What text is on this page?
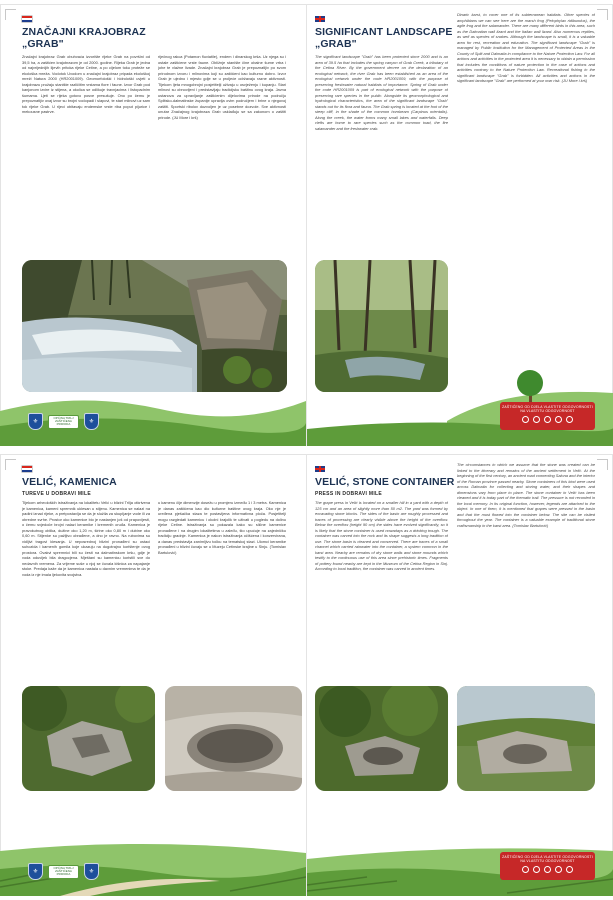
ZNAČAJNI KRAJOBRAZ
„GRAB"
Značajni krajobraz Grab obuhvaća izvorište rijeke Grab na površini od 39,5 ha, a zaštićen krajobrazom je od 2000. godine. Rijeka Grab je jedna od najvrijednijih lijevih pritoka rijeke Cetine, a po cijelom toku proteže se ekološka mreža. Vodotok Uvodom u značajni krajobraz pripada ekološkoj mreži Natura 2000 (HR2001009). Geomorfološki i hidrološki uvjeti u krajobrazu pružaju stanište različitim vrstama flore i faune. Izvor Grab pod kanjonom izvire iz stijena, a okolica se odlikuje travnjacima i listopadnim šumama. Ljeti se rijeka gotovo posve presušuje. Ono po čemu je prepoznatljiv ovaj izvor su brojni vodopadi i slapovi, te stari mlinovi uz sam tok rijeke Grab. U rijeci obitavaju endemske vrste riba poput pijurice i mekousne pastrve.
riječnog rakca (Potamon fluviatile), endem i dinarskog krša. Uz njega su i ostale zaštićene vrste faune. Obližnje stanište čine obalne šume vrba i johe te vlažne livade. Značajni krajobraz Grab je prepoznatljiv po svom prirodnom izvoru i mlinovima koji su zaštićeni kao kulturno dobro. Izvor Grab je ujedno i mjesto gdje se u proljeće održavaju razne aktivnosti. Tijekom ljeta mnogobrojni posjetitelji uživaju u osvježenju i kupanju. Stari mlinovi su obnovljeni i predstavljaju tradicijsku baštinu ovog kraja. Javna ustanova za upravljanje zaštićenim dijelovima prirode na području Splitsko-dalmatinske županije upravlja ovim područjem i brine o njegovoj zaštiti. Sportski ribolov dozvoljen je uz posebne dozvole. Sve aktivnosti unutar Značajnog krajobraza Grab usklađuju se sa zakonom o zaštiti prirode. (JU More i krš)
⚜
OPĆINA TRILJ ZAŠTIĆENA PRIRODA	⚜
SIGNIFICANT LANDSCAPE
„GRAB"
The significant landscape "Grab" has been protected since 2000 and is an area of 39.5 ha that includes the spring canyon of Grab Creek, a tributary of the Cetina River. By the government decree on the declaration of an ecological network, the river Grab has been established as an area of the ecological network under the code HR2001009, with the purpose of preserving freshwater natural habitats of importance. Spring of Grab under the code HR2001009 is part of ecological network with the purpose of preserving rare species in the public. Alongside its geomorphological and hydrological characteristics, the area of the significant landscape "Grab" stands out for its flora and fauna. The Grab spring is located at the foot of the steep cliff, in the shade of the common hornbeam (Carpinus orientalis). Along the creek, the water forms many small lakes and waterfalls. Deep clefts are home to rare species such as the common toad, the fire salamander and the freshwater crab.
Dinaric karst, to cover one of its subterranean habitats. Other species of amphibians we can see here are the marsh frog (Pelophylax ridibundus), the agile frog and the salamander. There are many different birds in this area, such as the Dalmatian wall lizard and the Italian wall lizard. Also numerous reptiles, as well as species of snakes. Although the landscape is small, it is a valuable area for rest, recreation and education. The significant landscape "Grab" is managed by Public Institution for the Management of Protected Areas in the County of Split and Dalmatia in compliance to the Nature Protection Law. For all actions and activities in the protected area it is necessary to obtain a permission that includes the conditions of nature protection in the case of actions and activities contrary to the Nature Protection Law. Recreational fishing in the significant landscape "Grab" is forbidden. All activities and actions in the significant landscape "Grab" are performed at your own risk. (JU More i krš)
ZAŠTIĆENO OD DJELA VLASTITE ODGOVORNOSTI
NA VLASTITU ODGOVORNOST
VELIĆ, KAMENICA
TUREVE U DOBRAVI MILE
Tijekom arheoloških istraživanja na lokalitetu Velić u blizini Trilja otkrivena je kamenica, kameni spremnik uklesan u stijenu. Kamenica se nalazi na padini iznad rijeke, a pretpostavlja se da je služila za skupljanje vode ili za obredne svrhe. Prostor oko kamenice bio je nastanjen još od prapovijesti, o čemu svjedoče brojni nalazi keramike i kremenih oruđa. Kamenica je pravokutnog oblika, dužine oko 1,20 m, širine oko 0,80 m i dubine oko 0,60 m. Stijenke su pažljivo obrađene, a dno je ravno. Na rubovima su vidljivi tragovi klesanja. U neposrednoj blizini pronađeni su ostaci suhozida i kamenih gomila koje ukazuju na dugotrajno korištenje ovog prostora. Ovakvi spremnici bili su česti na dalmatinskom kršu, gdje je voda oduvijek bila dragocjena. Mještani su kamenicu koristili sve do nedavnih vremena. Za vrijeme suše u njoj se čuvala kišnica za napajanje stoke. Predaja kaže da je kamenica nastala u davnim vremenima te da je voda iz nje imala ljekovita svojstva.
u kamenu čije dimenzije dosežu u promjeru između 1 i 3 metra. Kamenica je danas zaštićena kao dio kulturne baštine ovog kraja. Oko nje je uređena pješačka staza te postavljena informativna ploča. Posjetitelji mogu razgledati kamenicu i okolni krajolik te uživati u pogledu na dolinu rijeke Cetine. Istraživanja su pokazala kako su slične kamenice pronađene i na drugim lokalitetima u zaleđu, što upućuje na zajedničku tradiciju gradnje. Kamenica je nakon istraživanja očišćena i konzervirana, a danas predstavlja zanimljivu točku na tematskoj stazi. Ulomci keramike pronađeni u blizini čuvaju se u Muzeju Cetinske krajine u Sinju. (Tomislav Bartulović)
⚜
OPĆINA TRILJ ZAŠTIĆENA PRIRODA	⚜
VELIĆ, STONE CONTAINER
PRESS IN DOBRAVI MILE
The grape press in Velić is located on a smaller hill in a yard with a depth of 125 cm and an area of slightly more than 50 m2. The yard was formed by excavating stone blocks. The sides of the basin are roughly processed and traces of processing are clearly visible above the height of the overflow. Below the overflow (height 90 cm) the sides have evolved significantly, so it is likely that the stone container is used nowadays as a drinking trough. The container was carved into the rock and its shape suggests a long tradition of use. The stone basin is cleaned and conserved. There are traces of a small channel which carried rainwater into the container, a system common in the karst area. Nearby are remains of dry stone walls and stone mounds which testify to the continuous use of this area since prehistoric times. Fragments of pottery found nearby are kept in the Museum of the Cetina Region in Sinj. According to local tradition, the container was carved in ancient times.
The circumstances in which we assume that the stone was created can be linked to the itinerary and remains of the ancient settlement in Velić. At the beginning of the first century, an ancient road connecting Salona and the interior of the Roman province passed nearby. Stone containers of this kind were used across Dalmatia for collecting and storing water, and their shapes and dimensions vary from place to place. The stone container in Velić has been cleaned and it is today part of the thematic trail. The pressure is not recorded in the local memory. In its original function, however, legends are attached to the object. In one of them, it is mentioned that grapes were pressed in the basin and that the must flowed into the container below. The site can be visited throughout the year. The container is a valuable example of traditional stone craftsmanship in the karst area. (Tomislav Bartulović)
ZAŠTIĆENO OD DJELA VLASTITE ODGOVORNOSTI
NA VLASTITU ODGOVORNOST
